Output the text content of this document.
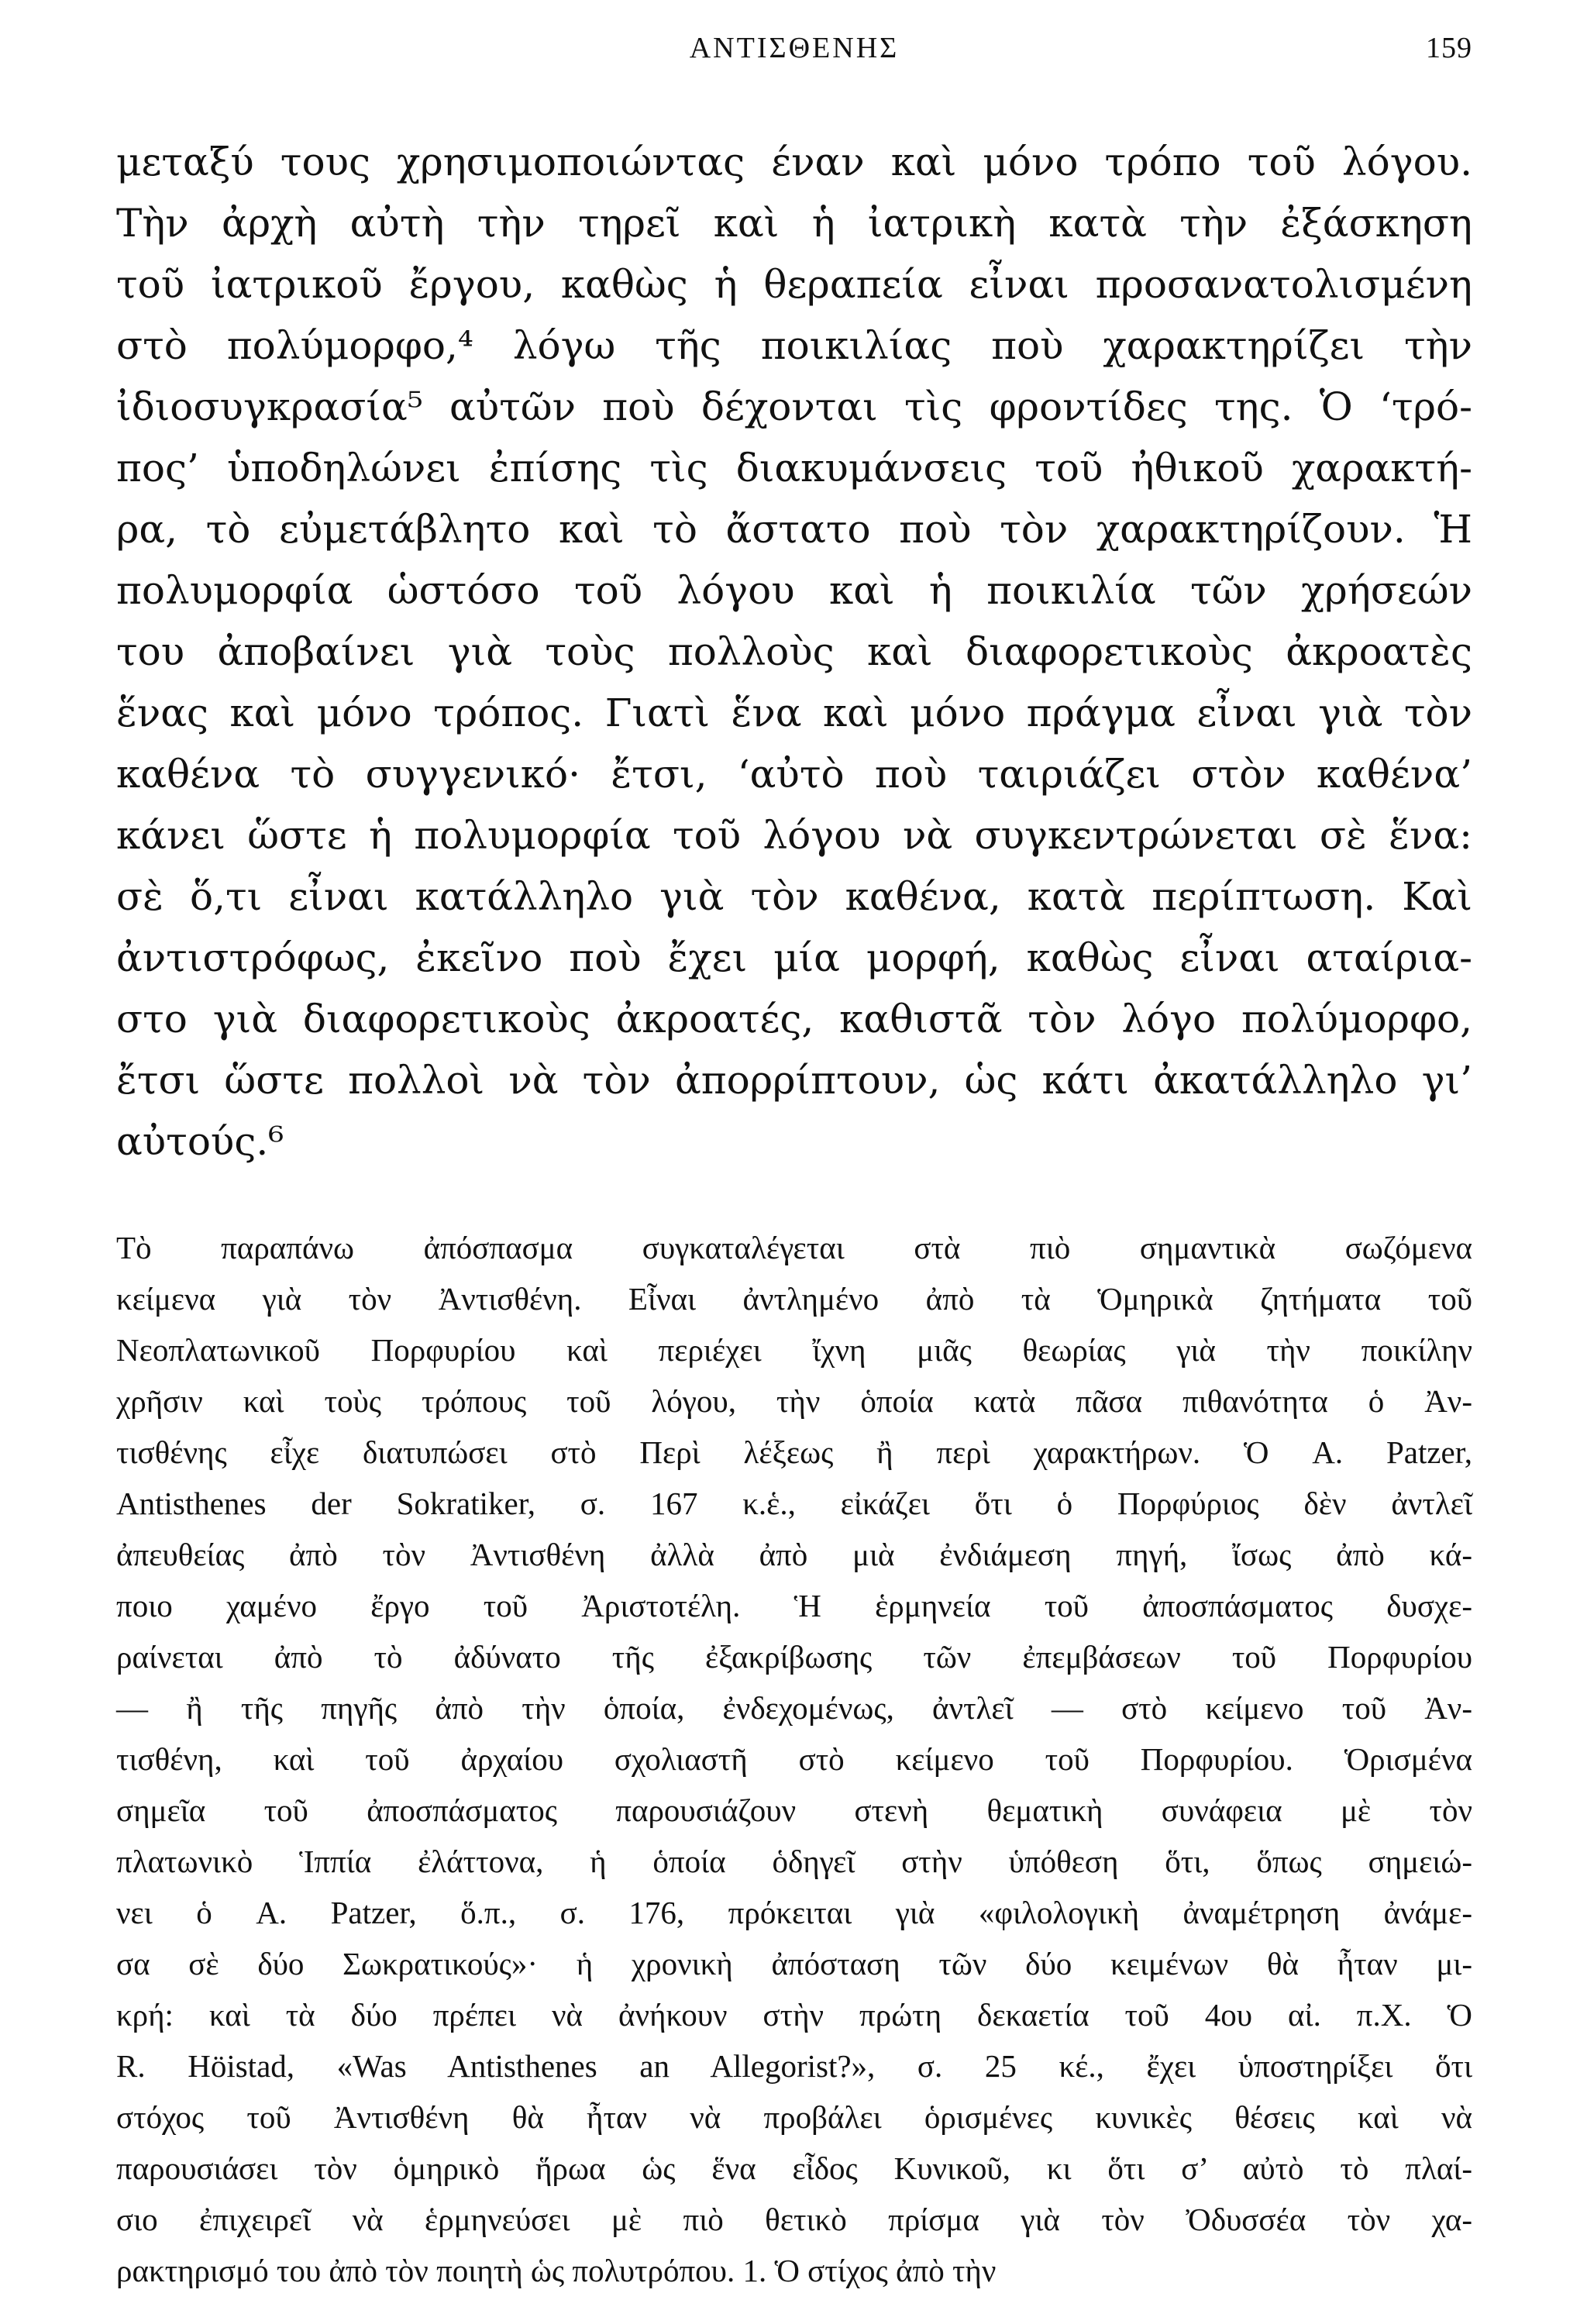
ΑΝΤΙΣΘΕΝΗΣ	159
μεταξύ τους χρησιμοποιώντας έναν καὶ μόνο τρόπο τοῦ λόγου.
Τὴν ἀρχὴ αὐτὴ τὴν τηρεῖ καὶ ἡ ἰατρικὴ κατὰ τὴν ἐξάσκηση
τοῦ ἰατρικοῦ ἔργου, καθὼς ἡ θεραπεία εἶναι προσανατολισμένη
στὸ πολύμορφο,⁴ λόγω τῆς ποικιλίας ποὺ χαρακτηρίζει τὴν
ἰδιοσυγκρασία⁵ αὐτῶν ποὺ δέχονται τὶς φροντίδες της. Ὁ ‘τρό-
πος’ ὑποδηλώνει ἐπίσης τὶς διακυμάνσεις τοῦ ἠθικοῦ χαρακτή-
ρα, τὸ εὐμετάβλητο καὶ τὸ ἄστατο ποὺ τὸν χαρακτηρίζουν. Ἡ
πολυμορφία ὡστόσο τοῦ λόγου καὶ ἡ ποικιλία τῶν χρήσεών
του ἀποβαίνει γιὰ τοὺς πολλοὺς καὶ διαφορετικοὺς ἀκροατὲς
ἕνας καὶ μόνο τρόπος. Γιατὶ ἕνα καὶ μόνο πράγμα εἶναι γιὰ τὸν
καθένα τὸ συγγενικό· ἔτσι, ‘αὐτὸ ποὺ ταιριάζει στὸν καθένα’
κάνει ὥστε ἡ πολυμορφία τοῦ λόγου νὰ συγκεντρώνεται σὲ ἕνα:
σὲ ὅ,τι εἶναι κατάλληλο γιὰ τὸν καθένα, κατὰ περίπτωση. Καὶ
ἀντιστρόφως, ἐκεῖνο ποὺ ἔχει μία μορφή, καθὼς εἶναι αταίρια-
στο γιὰ διαφορετικοὺς ἀκροατές, καθιστᾶ τὸν λόγο πολύμορφο,
ἔτσι ὥστε πολλοὶ νὰ τὸν ἀπορρίπτουν, ὡς κάτι ἀκατάλληλο γι’
αὐτούς.⁶
Τὸ παραπάνω ἀπόσπασμα συγκαταλέγεται στὰ πιὸ σημαντικὰ σωζόμενα
κείμενα γιὰ τὸν Ἀντισθένη. Εἶναι ἀντλημένο ἀπὸ τὰ Ὁμηρικὰ ζητήματα τοῦ
Νεοπλατωνικοῦ Πορφυρίου καὶ περιέχει ἴχνη μιᾶς θεωρίας γιὰ τὴν ποικίλην
χρῆσιν καὶ τοὺς τρόπους τοῦ λόγου, τὴν ὁποία κατὰ πᾶσα πιθανότητα ὁ Ἀν-
τισθένης εἶχε διατυπώσει στὸ Περὶ λέξεως ἢ περὶ χαρακτήρων. Ὁ A. Patzer,
Antisthenes der Sokratiker, σ. 167 κ.ἑ., εἰκάζει ὅτι ὁ Πορφύριος δὲν ἀντλεῖ
ἀπευθείας ἀπὸ τὸν Ἀντισθένη ἀλλὰ ἀπὸ μιὰ ἐνδιάμεση πηγή, ἴσως ἀπὸ κά-
ποιο χαμένο ἔργο τοῦ Ἀριστοτέλη. Ἡ ἑρμηνεία τοῦ ἀποσπάσματος δυσχε-
ραίνεται ἀπὸ τὸ ἀδύνατο τῆς ἐξακρίβωσης τῶν ἐπεμβάσεων τοῦ Πορφυρίου
— ἢ τῆς πηγῆς ἀπὸ τὴν ὁποία, ἐνδεχομένως, ἀντλεῖ — στὸ κείμενο τοῦ Ἀν-
τισθένη, καὶ τοῦ ἀρχαίου σχολιαστῆ στὸ κείμενο τοῦ Πορφυρίου. Ὁρισμένα
σημεῖα τοῦ ἀποσπάσματος παρουσιάζουν στενὴ θεματικὴ συνάφεια μὲ τὸν
πλατωνικὸ Ἱππία ἐλάττονα, ἡ ὁποία ὁδηγεῖ στὴν ὑπόθεση ὅτι, ὅπως σημειώ-
νει ὁ A. Patzer, ὅ.π., σ. 176, πρόκειται γιὰ «φιλολογικὴ ἀναμέτρηση ἀνάμε-
σα σὲ δύο Σωκρατικούς»· ἡ χρονικὴ ἀπόσταση τῶν δύο κειμένων θὰ ἦταν μι-
κρή: καὶ τὰ δύο πρέπει νὰ ἀνήκουν στὴν πρώτη δεκαετία τοῦ 4ου αἰ. π.Χ. Ὁ
R. Höistad, «Was Antisthenes an Allegorist?», σ. 25 κέ., ἔχει ὑποστηρίξει ὅτι
στόχος τοῦ Ἀντισθένη θὰ ἦταν νὰ προβάλει ὁρισμένες κυνικὲς θέσεις καὶ νὰ
παρουσιάσει τὸν ὁμηρικὸ ἥρωα ὡς ἕνα εἶδος Κυνικοῦ, κι ὅτι σ’ αὐτὸ τὸ πλαί-
σιο ἐπιχειρεῖ νὰ ἑρμηνεύσει μὲ πιὸ θετικὸ πρίσμα γιὰ τὸν Ὀδυσσέα τὸν χα-
ρακτηρισμό του ἀπὸ τὸν ποιητὴ ὡς πολυτρόπου. 1. Ὁ στίχος ἀπὸ τὴν
